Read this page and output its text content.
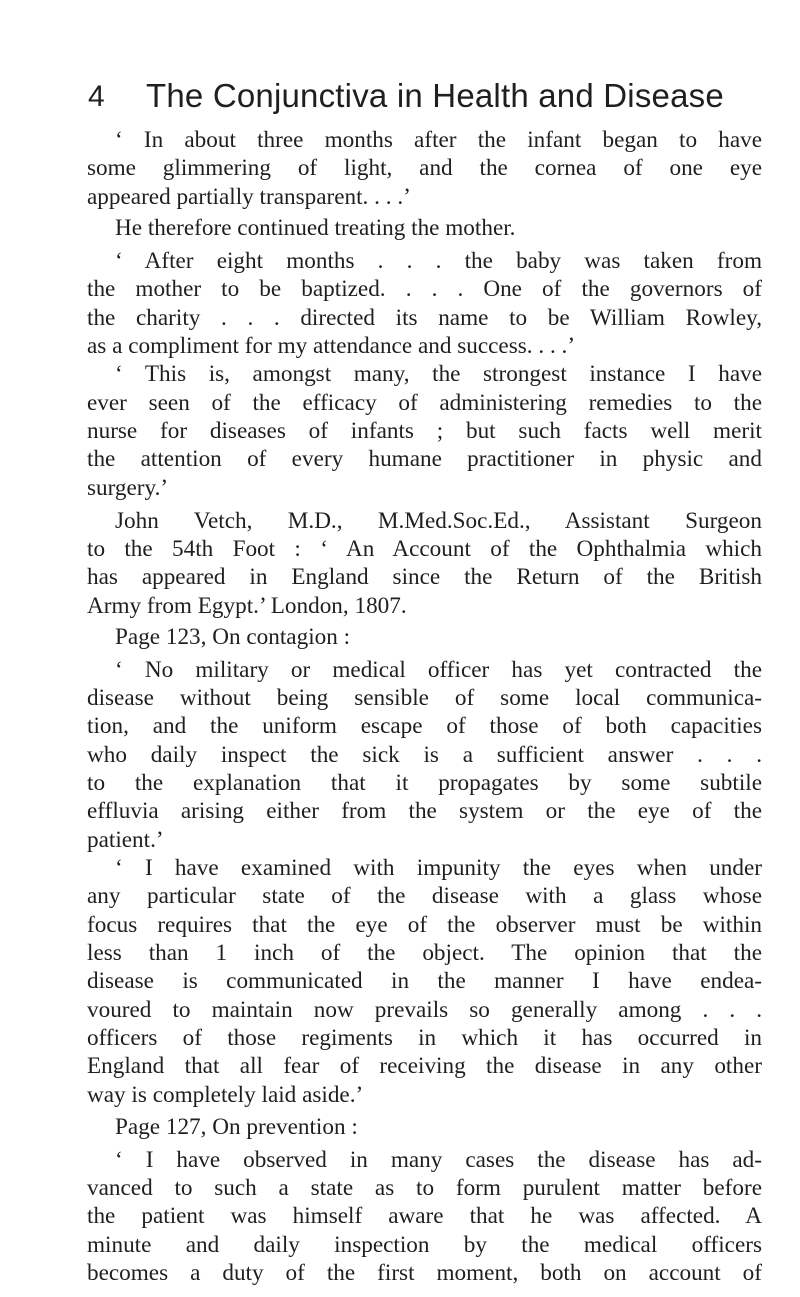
4 The Conjunctiva in Health and Disease
‘ In about three months after the infant began to have
some glimmering of light, and the cornea of one eye
appeared partially transparent. . . .’
He therefore continued treating the mother.
‘ After eight months . . . the baby was taken from
the mother to be baptized. . . . One of the governors of
the charity . . . directed its name to be William Rowley,
as a compliment for my attendance and success. . . .’
‘ This is, amongst many, the strongest instance I have
ever seen of the efficacy of administering remedies to the
nurse for diseases of infants ; but such facts well merit
the attention of every humane practitioner in physic and
surgery.’
John Vetch, M.D., M.Med.Soc.Ed., Assistant Surgeon
to the 54th Foot : ‘ An Account of the Ophthalmia which
has appeared in England since the Return of the British
Army from Egypt.’ London, 1807.
Page 123, On contagion :
‘ No military or medical officer has yet contracted the
disease without being sensible of some local communica-
tion, and the uniform escape of those of both capacities
who daily inspect the sick is a sufficient answer . . .
to the explanation that it propagates by some subtile
effluvia arising either from the system or the eye of the
patient.’
‘ I have examined with impunity the eyes when under
any particular state of the disease with a glass whose
focus requires that the eye of the observer must be within
less than 1 inch of the object. The opinion that the
disease is communicated in the manner I have endea-
voured to maintain now prevails so generally among . . .
officers of those regiments in which it has occurred in
England that all fear of receiving the disease in any other
way is completely laid aside.’
Page 127, On prevention :
‘ I have observed in many cases the disease has ad-
vanced to such a state as to form purulent matter before
the patient was himself aware that he was affected. A
minute and daily inspection by the medical officers
becomes a duty of the first moment, both on account of
